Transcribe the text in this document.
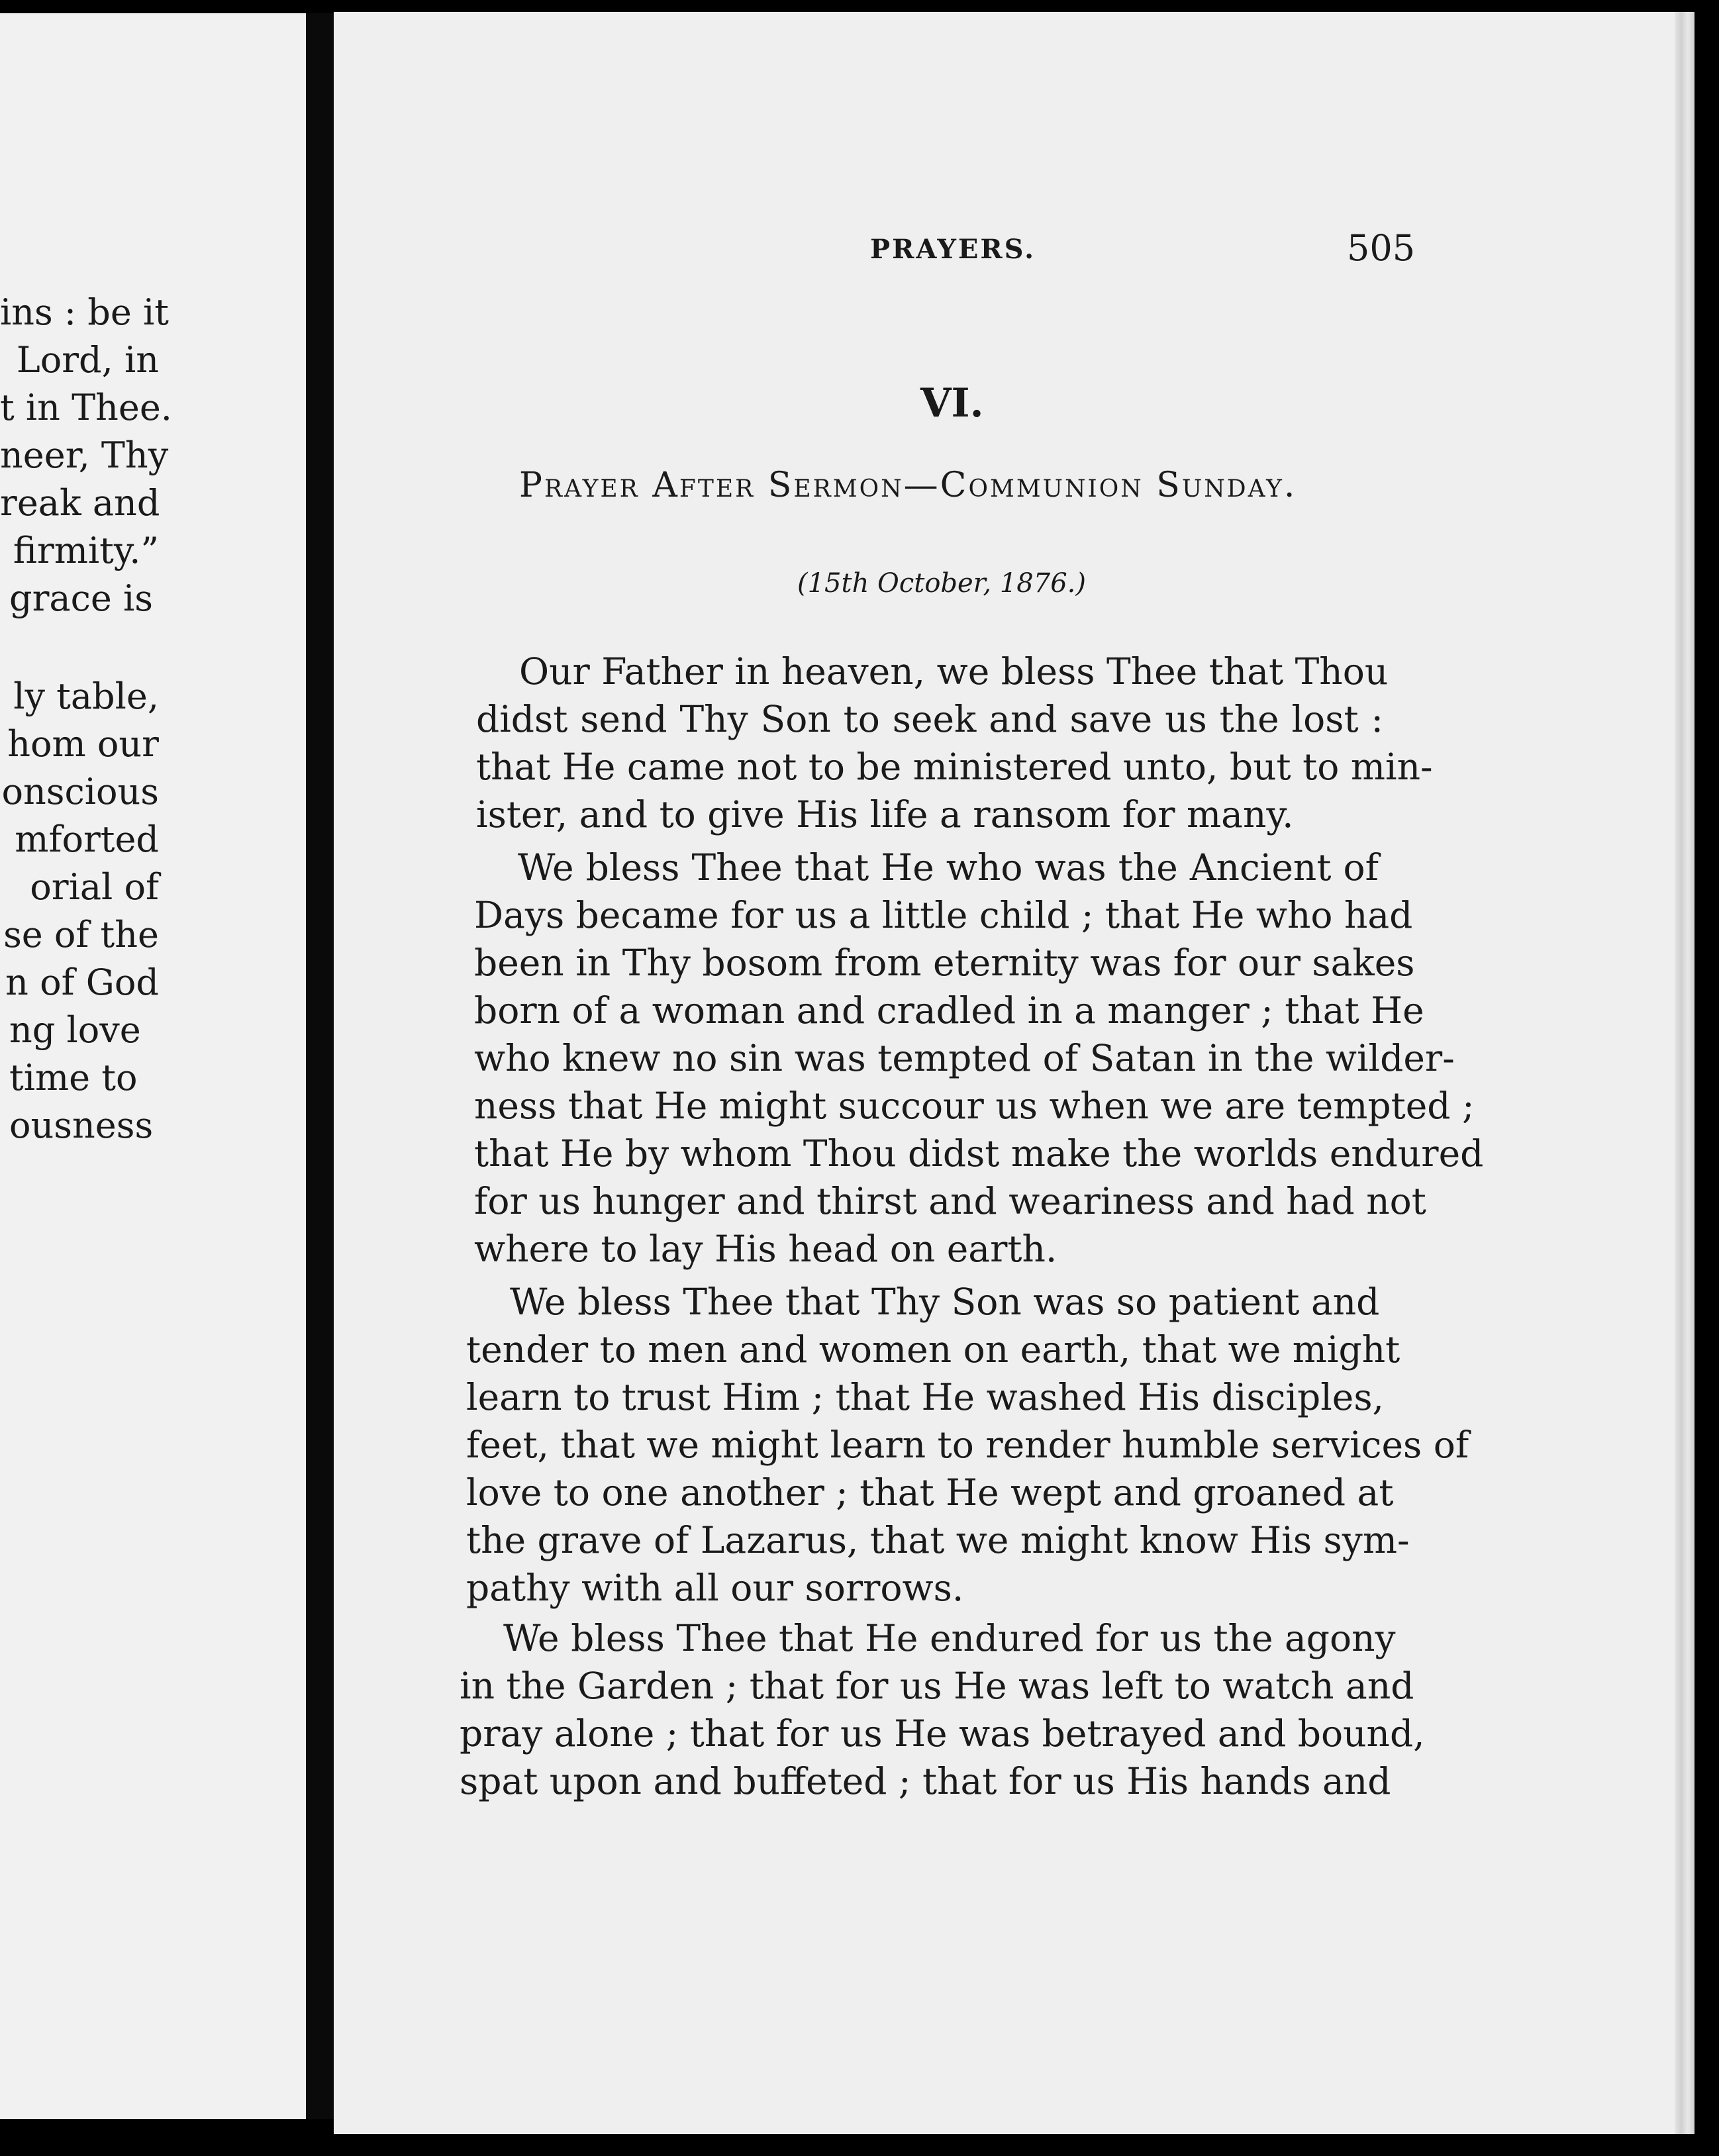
ins : be it
Lord, in
t in Thee.
neer, Thy
reak and
firmity.”
grace is
ly table,
hom our
onscious
mforted
orial of
se of the
n of God
ng love
time to
ousness
PRAYERS.	505
VI.
Prayer After Sermon—Communion Sunday.
(15th October, 1876.)
Our Father in heaven, we bless Thee that Thou
didst send Thy Son to seek and save us the lost :
that He came not to be ministered unto, but to min-
ister, and to give His life a ransom for many.
We bless Thee that He who was the Ancient of
Days became for us a little child ; that He who had
been in Thy bosom from eternity was for our sakes
born of a woman and cradled in a manger ; that He
who knew no sin was tempted of Satan in the wilder-
ness that He might succour us when we are tempted ;
that He by whom Thou didst make the worlds endured
for us hunger and thirst and weariness and had not
where to lay His head on earth.
We bless Thee that Thy Son was so patient and
tender to men and women on earth, that we might
learn to trust Him ; that He washed His disciples,
feet, that we might learn to render humble services of
love to one another ; that He wept and groaned at
the grave of Lazarus, that we might know His sym-
pathy with all our sorrows.
We bless Thee that He endured for us the agony
in the Garden ; that for us He was left to watch and
pray alone ; that for us He was betrayed and bound,
spat upon and buffeted ; that for us His hands and
